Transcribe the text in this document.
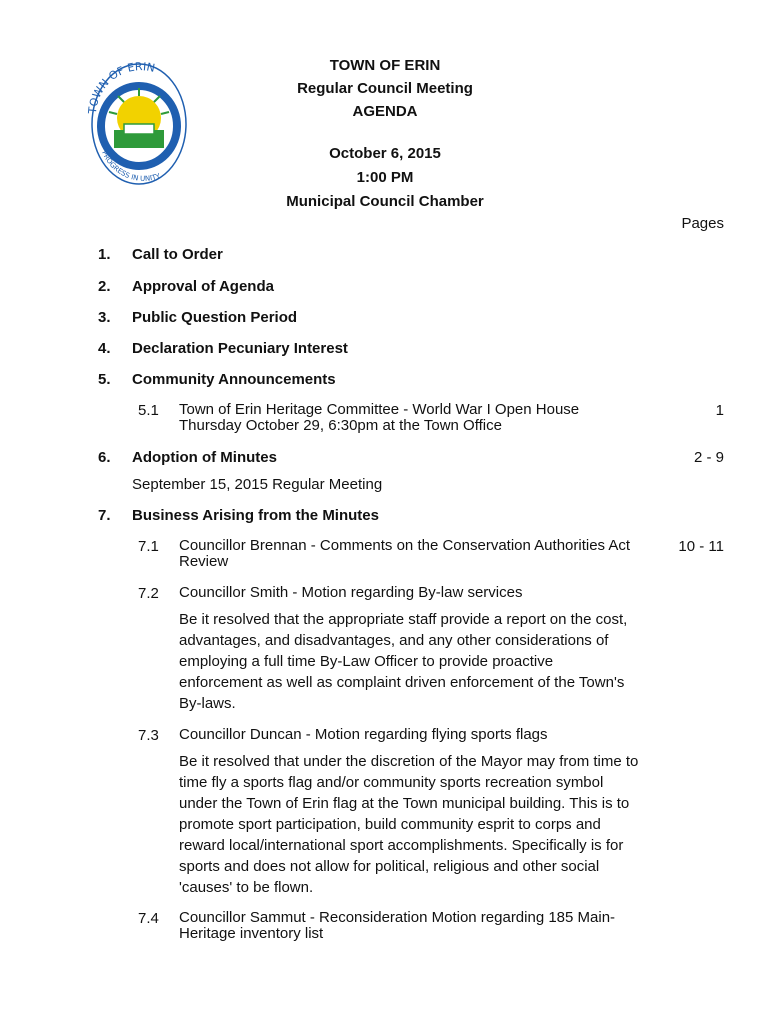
TOWN OF ERIN
PROGRESS IN UNITY
TOWN OF ERIN
Regular Council Meeting
AGENDA
October 6, 2015
1:00 PM
Municipal Council Chamber
Pages
1. Call to Order
2. Approval of Agenda
3. Public Question Period
4. Declaration Pecuniary Interest
5. Community Announcements
5.1 Town of Erin Heritage Committee - World War I Open House
Thursday October 29, 6:30pm at the Town Office
1
6. Adoption of Minutes	2 - 9
September 15, 2015 Regular Meeting
7. Business Arising from the Minutes
7.1 Councillor Brennan - Comments on the Conservation Authorities Act
Review
10 - 11
7.2 Councillor Smith - Motion regarding By-law services
Be it resolved that the appropriate staff provide a report on the cost, advantages, and disadvantages, and any other considerations of employing a full time By-Law Officer to provide proactive enforcement as well as complaint driven enforcement of the Town's By-laws.
7.3 Councillor Duncan - Motion regarding flying sports flags
Be it resolved that under the discretion of the Mayor may from time to time fly a sports flag and/or community sports recreation symbol under the Town of Erin flag at the Town municipal building. This is to promote sport participation, build community esprit to corps and reward local/international sport accomplishments. Specifically is for sports and does not allow for political, religious and other social 'causes' to be flown.
7.4 Councillor Sammut - Reconsideration Motion regarding 185 Main-
Heritage inventory list
